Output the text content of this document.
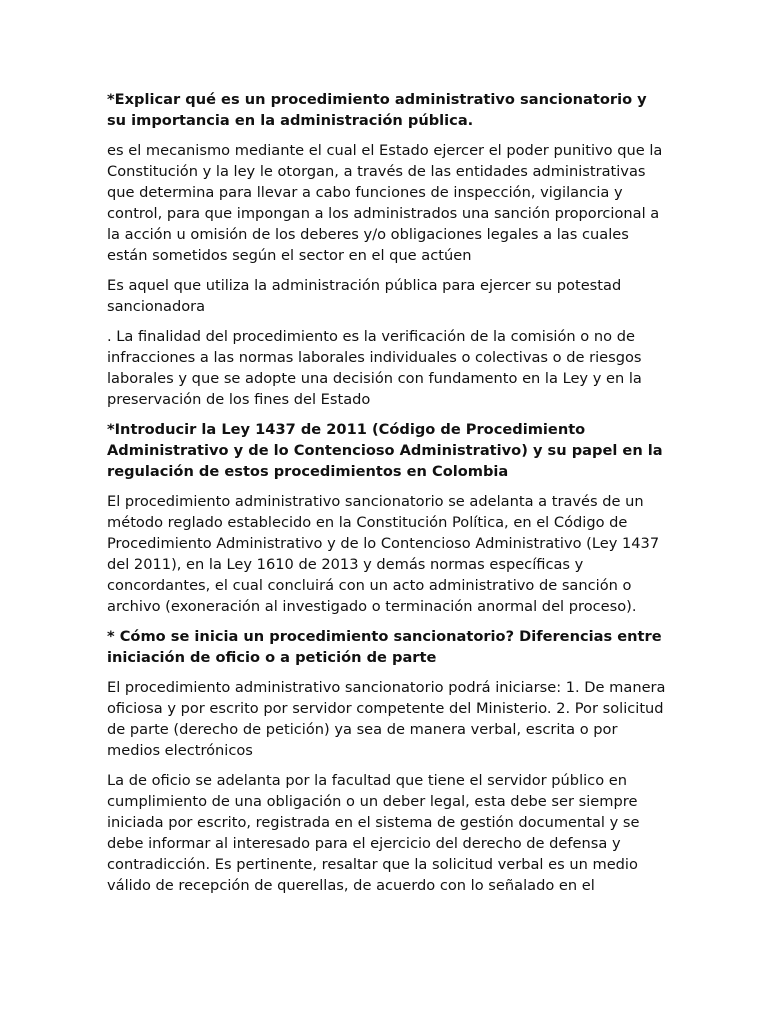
*Explicar qué es un procedimiento administrativo sancionatorio y su importancia en la administración pública.

es el mecanismo mediante el cual el Estado ejercer el poder punitivo que la Constitución y la ley le otorgan, a través de las entidades administrativas que determina para llevar a cabo funciones de inspección, vigilancia y control, para que impongan a los administrados una sanción proporcional a la acción u omisión de los deberes y/o obligaciones legales a las cuales están sometidos según el sector en el que actúen

Es aquel que utiliza la administración pública para ejercer su potestad sancionadora

. La finalidad del procedimiento es la verificación de la comisión o no de infracciones a las normas laborales individuales o colectivas o de riesgos laborales y que se adopte una decisión con fundamento en la Ley y en la preservación de los fines del Estado

*Introducir la Ley 1437 de 2011 (Código de Procedimiento Administrativo y de lo Contencioso Administrativo) y su papel en la regulación de estos procedimientos en Colombia

El procedimiento administrativo sancionatorio se adelanta a través de un método reglado establecido en la Constitución Política, en el Código de Procedimiento Administrativo y de lo Contencioso Administrativo (Ley 1437 del 2011), en la Ley 1610 de 2013 y demás normas específicas y concordantes, el cual concluirá con un acto administrativo de sanción o archivo (exoneración al investigado o terminación anormal del proceso).

* Cómo se inicia un procedimiento sancionatorio? Diferencias entre iniciación de oficio o a petición de parte

El procedimiento administrativo sancionatorio podrá iniciarse: 1. De manera oficiosa y por escrito por servidor competente del Ministerio. 2. Por solicitud de parte (derecho de petición) ya sea de manera verbal, escrita o por medios electrónicos

La de oficio se adelanta por la facultad que tiene el servidor público en cumplimiento de una obligación o un deber legal, esta debe ser siempre iniciada por escrito, registrada en el sistema de gestión documental y se debe informar al interesado para el ejercicio del derecho de defensa y contradicción. Es pertinente, resaltar que la solicitud verbal es un medio válido de recepción de querellas, de acuerdo con lo señalado en el
